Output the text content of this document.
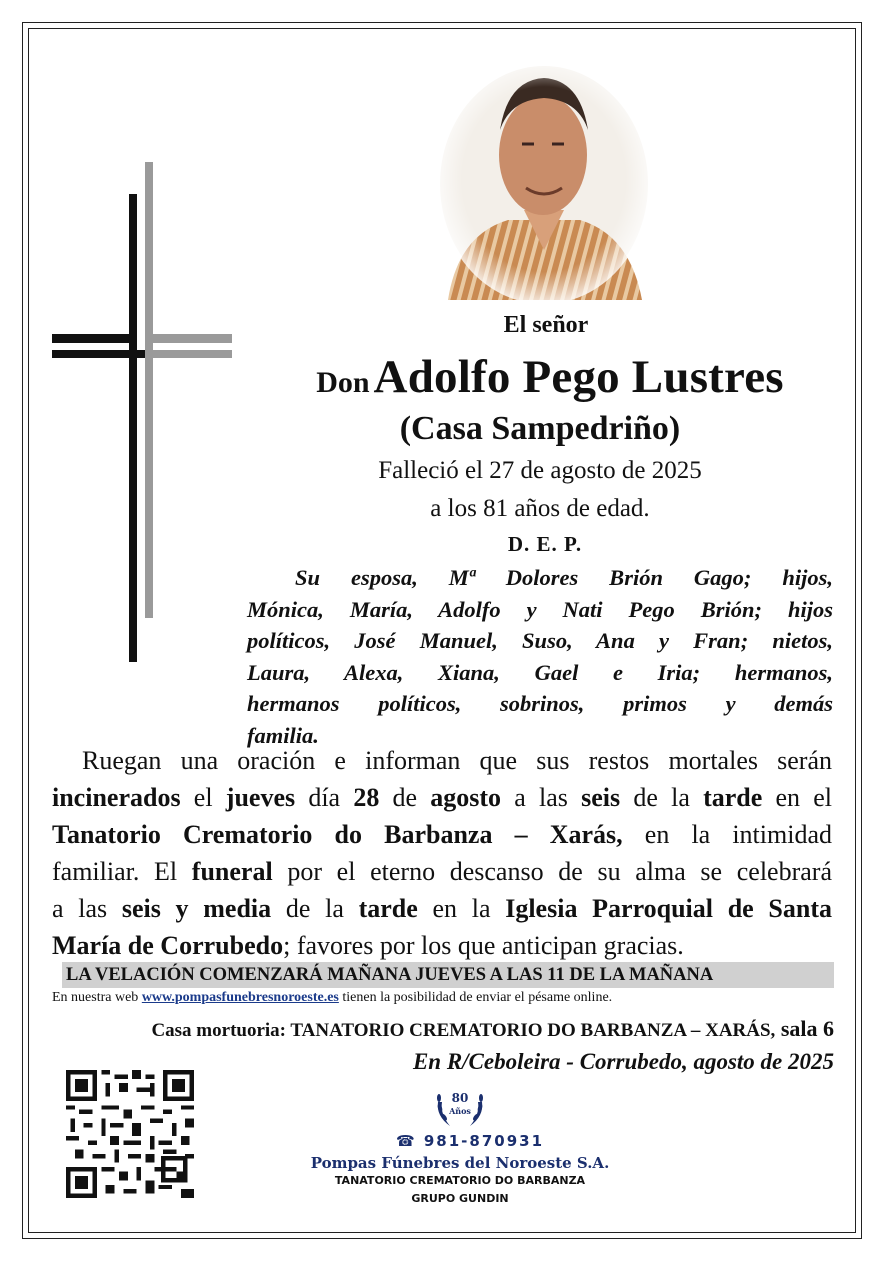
El señor
Don Adolfo Pego Lustres
(Casa Sampedriño)
Falleció el 27 de agosto de 2025
a los 81 años de edad.
D. E. P.
Su esposa, Mª Dolores Brión Gago; hijos,
Mónica, María, Adolfo y Nati Pego Brión; hijos
políticos, José Manuel, Suso, Ana y Fran; nietos,
Laura, Alexa, Xiana, Gael e Iria; hermanos,
hermanos políticos, sobrinos, primos y demás
familia.
Ruegan una oración e informan que sus restos mortales serán
incinerados el jueves día 28 de agosto a las seis de la tarde en el
Tanatorio Crematorio do Barbanza – Xarás, en la intimidad
familiar. El funeral por el eterno descanso de su alma se celebrará
a las seis y media de la tarde en la Iglesia Parroquial de Santa
María de Corrubedo; favores por los que anticipan gracias.
LA VELACIÓN COMENZARÁ MAÑANA JUEVES A LAS 11 DE LA MAÑANA
En nuestra web www.pompasfunebresnoroeste.es tienen la posibilidad de enviar el pésame online.
Casa mortuoria: TANATORIO CREMATORIO DO BARBANZA – XARÁS, sala 6
En R/Ceboleira - Corrubedo, agosto de 2025
80
Años
☎ 981-870931
Pompas Fúnebres del Noroeste S.A.
TANATORIO CREMATORIO DO BARBANZA
GRUPO GUNDIN
